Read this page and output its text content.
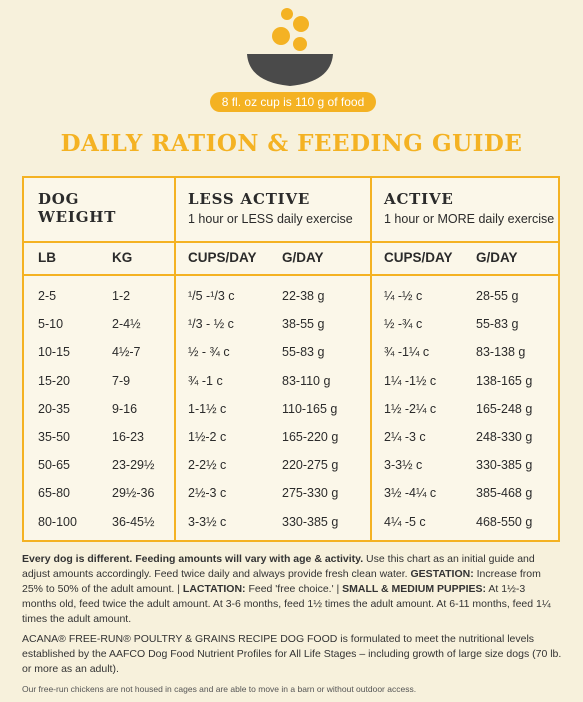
8 fl. oz cup is 110 g of food
DAILY RATION & FEEDING GUIDE
DOG
WEIGHT
LESS ACTIVE
1 hour or LESS daily exercise
ACTIVE
1 hour or MORE daily exercise
LB	KG	CUPS/DAY G/DAY	CUPS/DAY G/DAY
2-5	1-2	¹/5 -¹/3 c	22-38 g	¼ -½ c	28-55 g
5-10	2-4½	¹/3 - ½ c	38-55 g	½ -¾ c	55-83 g
10-15	4½-7	½ - ¾ c	55-83 g	¾ -1¼ c	83-138 g
15-20	7-9	¾ -1 c	83-110 g	1¼ -1½ c	138-165 g
20-35	9-16	1-1½ c	110-165 g	1½ -2¼ c	165-248 g
35-50	16-23	1½-2 c	165-220 g	2¼ -3 c	248-330 g
50-65	23-29½	2-2½ c	220-275 g	3-3½ c	330-385 g
65-80	29½-36	2½-3 c	275-330 g	3½ -4¼ c	385-468 g
80-100	36-45½	3-3½ c	330-385 g	4¼ -5 c	468-550 g

Every dog is different. Feeding amounts will vary with age & activity. Use this chart as an initial guide and adjust amounts accordingly. Feed twice daily and always provide fresh clean water. GESTATION: Increase from 25% to 50% of the adult amount. | LACTATION: Feed 'free choice.' | SMALL & MEDIUM PUPPIES: At 1½-3 months old, feed twice the adult amount. At 3-6 months, feed 1½ times the adult amount. At 6-11 months, feed 1¼ times the adult amount.

ACANA® FREE-RUN® POULTRY & GRAINS RECIPE DOG FOOD is formulated to meet the nutritional levels established by the AAFCO Dog Food Nutrient Profiles for All Life Stages – including growth of large size dogs (70 lb. or more as an adult).

Our free-run chickens are not housed in cages and are able to move in a barn or without outdoor access.
